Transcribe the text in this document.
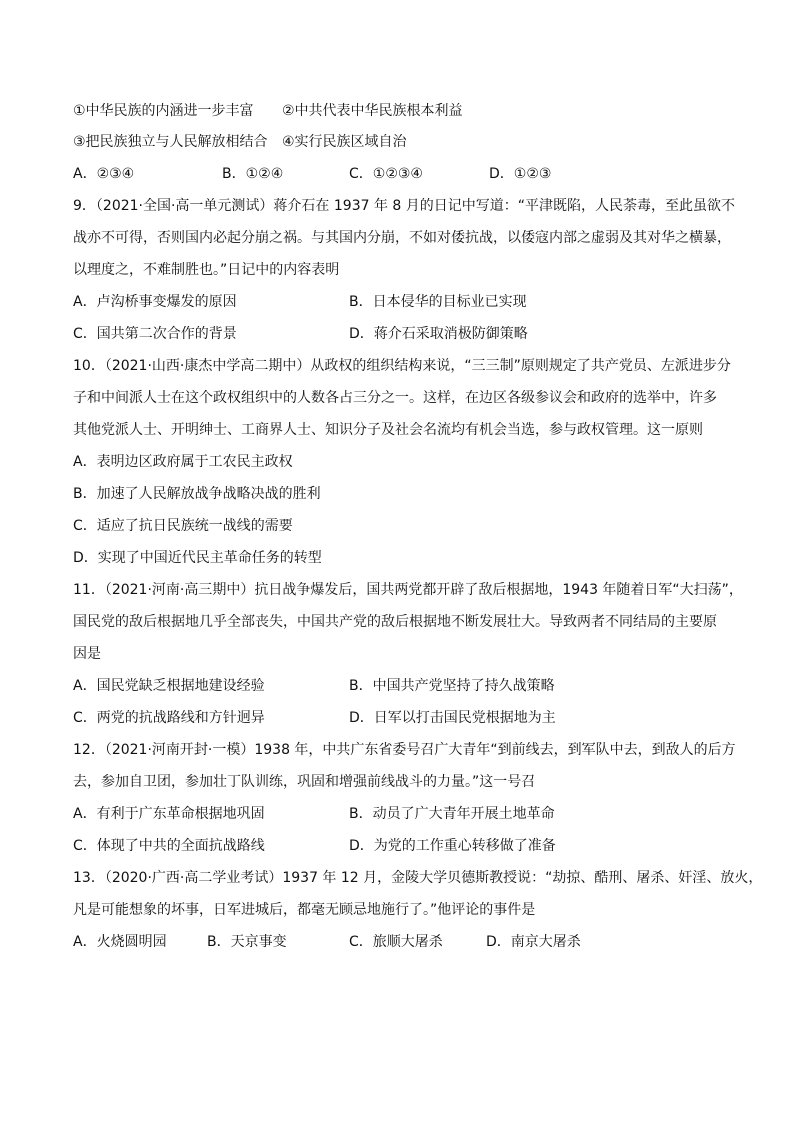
①中华民族的内涵进一步丰富 ②中共代表中华民族根本利益
③把民族独立与人民解放相结合 ④实行民族区域自治
A．②③④	B．①②④	C．①②③④	D．①②③
9．（2021·全国·高一单元测试）蒋介石在 1937 年 8 月的日记中写道：“平津既陷，人民荼毒，至此虽欲不
战亦不可得，否则国内必起分崩之祸。与其国内分崩，不如对倭抗战，以倭寇内部之虚弱及其对华之横暴，
以理度之，不难制胜也。”日记中的内容表明
A．卢沟桥事变爆发的原因	B．日本侵华的目标业已实现
C．国共第二次合作的背景	D．蒋介石采取消极防御策略
10．（2021·山西·康杰中学高二期中）从政权的组织结构来说，“三三制”原则规定了共产党员、左派进步分
子和中间派人士在这个政权组织中的人数各占三分之一。这样，在边区各级参议会和政府的选举中，许多
其他党派人士、开明绅士、工商界人士、知识分子及社会名流均有机会当选，参与政权管理。这一原则
A．表明边区政府属于工农民主政权
B．加速了人民解放战争战略决战的胜利
C．适应了抗日民族统一战线的需要
D．实现了中国近代民主革命任务的转型
11．（2021·河南·高三期中）抗日战争爆发后，国共两党都开辟了敌后根据地，1943 年随着日军“大扫荡”，
国民党的敌后根据地几乎全部丧失，中国共产党的敌后根据地不断发展壮大。导致两者不同结局的主要原
因是
A．国民党缺乏根据地建设经验	B．中国共产党坚持了持久战策略
C．两党的抗战路线和方针迥异	D．日军以打击国民党根据地为主
12．（2021·河南开封·一模）1938 年，中共广东省委号召广大青年“到前线去，到军队中去，到敌人的后方
去，参加自卫团，参加壮丁队训练，巩固和增强前线战斗的力量。”这一号召
A．有利于广东革命根据地巩固	B．动员了广大青年开展土地革命
C．体现了中共的全面抗战路线	D．为党的工作重心转移做了准备
13．（2020·广西·高二学业考试）1937 年 12 月，金陵大学贝德斯教授说：“劫掠、酷刑、屠杀、奸淫、放火，
凡是可能想象的坏事，日军进城后，都毫无顾忌地施行了。”他评论的事件是
A．火烧圆明园	B．天京事变	C．旅顺大屠杀	D．南京大屠杀
